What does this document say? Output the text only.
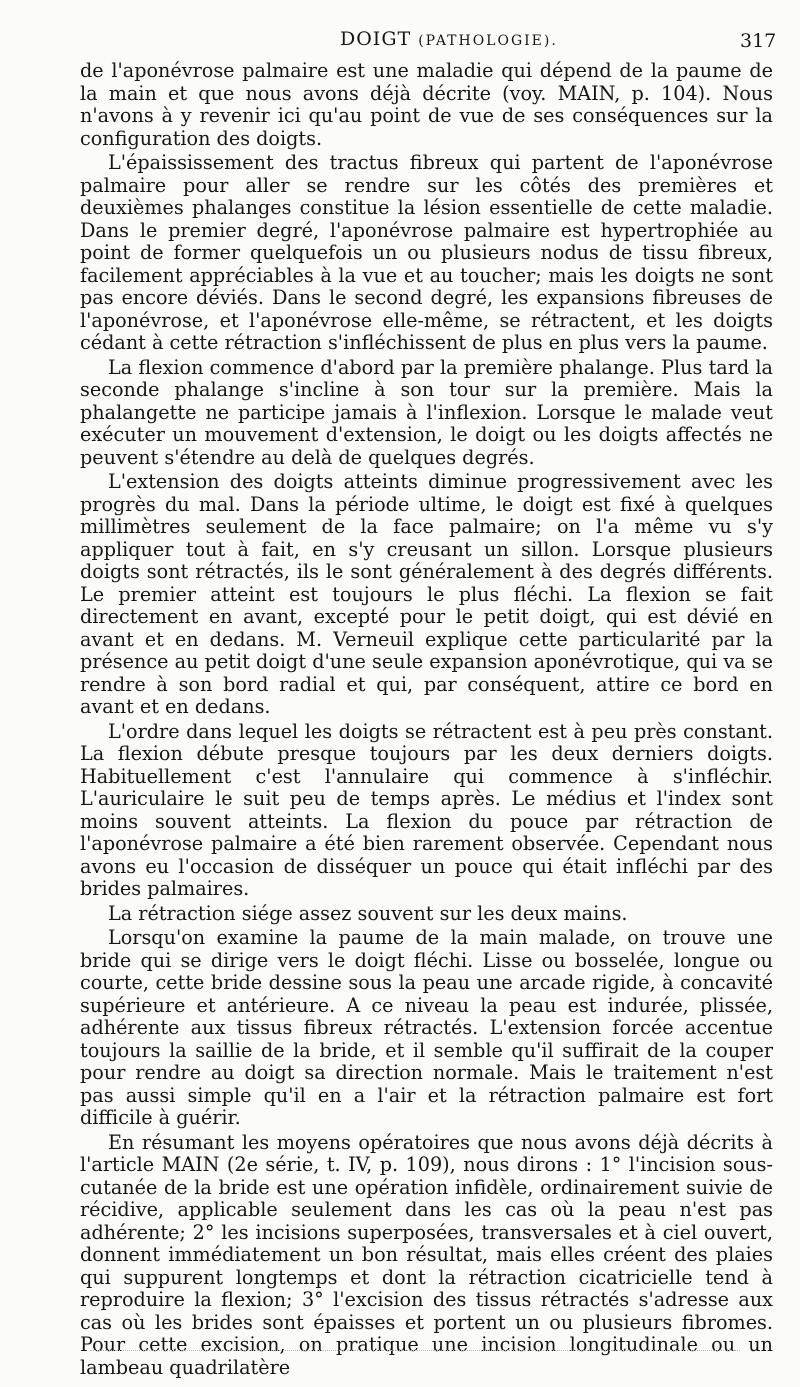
DOIGT (PATHOLOGIE).	317

de l'aponévrose palmaire est une maladie qui dépend de la paume de la main et que nous avons déjà décrite (voy. MAIN, p. 104). Nous n'avons à y revenir ici qu'au point de vue de ses conséquences sur la configuration des doigts.

L'épaississement des tractus fibreux qui partent de l'aponévrose palmaire pour aller se rendre sur les côtés des premières et deuxièmes phalanges constitue la lésion essentielle de cette maladie. Dans le premier degré, l'aponévrose palmaire est hypertrophiée au point de former quelquefois un ou plusieurs nodus de tissu fibreux, facilement appréciables à la vue et au toucher; mais les doigts ne sont pas encore déviés. Dans le second degré, les expansions fibreuses de l'aponévrose, et l'aponévrose elle-même, se rétractent, et les doigts cédant à cette rétraction s'infléchissent de plus en plus vers la paume.

La flexion commence d'abord par la première phalange. Plus tard la seconde phalange s'incline à son tour sur la première. Mais la phalangette ne participe jamais à l'inflexion. Lorsque le malade veut exécuter un mouvement d'extension, le doigt ou les doigts affectés ne peuvent s'étendre au delà de quelques degrés.

L'extension des doigts atteints diminue progressivement avec les progrès du mal. Dans la période ultime, le doigt est fixé à quelques millimètres seulement de la face palmaire; on l'a même vu s'y appliquer tout à fait, en s'y creusant un sillon. Lorsque plusieurs doigts sont rétractés, ils le sont généralement à des degrés différents. Le premier atteint est toujours le plus fléchi. La flexion se fait directement en avant, excepté pour le petit doigt, qui est dévié en avant et en dedans. M. Verneuil explique cette particularité par la présence au petit doigt d'une seule expansion aponévrotique, qui va se rendre à son bord radial et qui, par conséquent, attire ce bord en avant et en dedans.

L'ordre dans lequel les doigts se rétractent est à peu près constant. La flexion débute presque toujours par les deux derniers doigts. Habituellement c'est l'annulaire qui commence à s'infléchir. L'auriculaire le suit peu de temps après. Le médius et l'index sont moins souvent atteints. La flexion du pouce par rétraction de l'aponévrose palmaire a été bien rarement observée. Cependant nous avons eu l'occasion de disséquer un pouce qui était infléchi par des brides palmaires.

La rétraction siége assez souvent sur les deux mains.

Lorsqu'on examine la paume de la main malade, on trouve une bride qui se dirige vers le doigt fléchi. Lisse ou bosselée, longue ou courte, cette bride dessine sous la peau une arcade rigide, à concavité supérieure et antérieure. A ce niveau la peau est indurée, plissée, adhérente aux tissus fibreux rétractés. L'extension forcée accentue toujours la saillie de la bride, et il semble qu'il suffirait de la couper pour rendre au doigt sa direction normale. Mais le traitement n'est pas aussi simple qu'il en a l'air et la rétraction palmaire est fort difficile à guérir.

En résumant les moyens opératoires que nous avons déjà décrits à l'article MAIN (2e série, t. IV, p. 109), nous dirons : 1° l'incision sous-cutanée de la bride est une opération infidèle, ordinairement suivie de récidive, applicable seulement dans les cas où la peau n'est pas adhérente; 2° les incisions superposées, transversales et à ciel ouvert, donnent immédiatement un bon résultat, mais elles créent des plaies qui suppurent longtemps et dont la rétraction cicatricielle tend à reproduire la flexion; 3° l'excision des tissus rétractés s'adresse aux cas où les brides sont épaisses et portent un ou plusieurs fibromes. Pour cette excision, on pratique une incision longitudinale ou un lambeau quadrilatère
